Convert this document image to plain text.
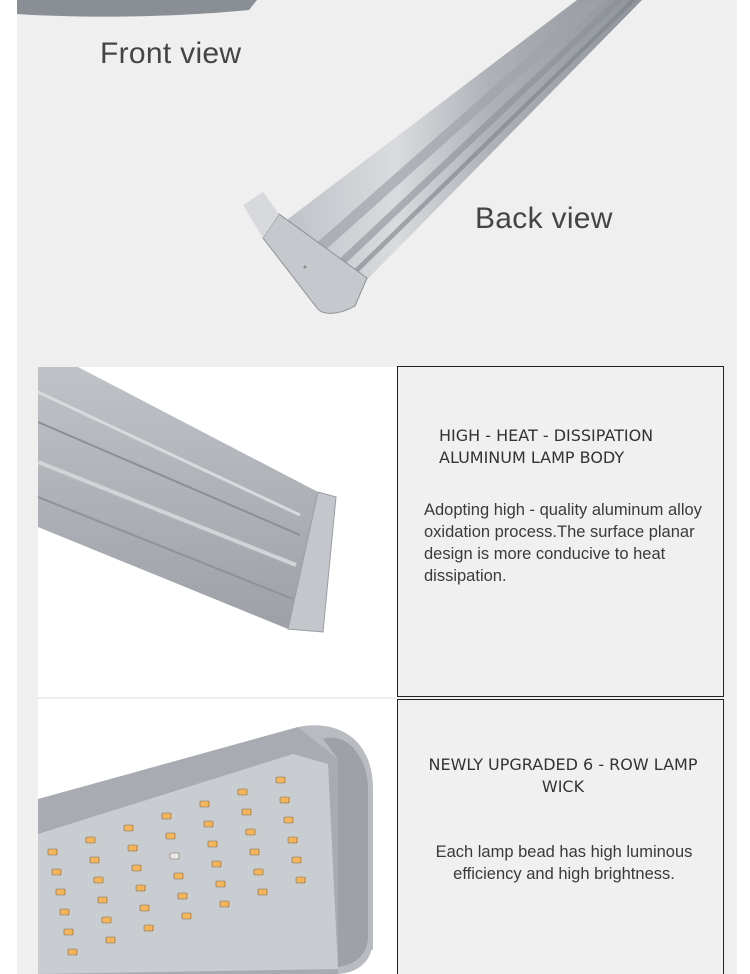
Front view
Back view
HIGH - HEAT - DISSIPATION ALUMINUM LAMP BODY
Adopting high - quality aluminum alloy oxidation process.The surface planar design is more conducive to heat dissipation.
NEWLY UPGRADED 6 - ROW LAMP WICK
Each lamp bead has high luminous efficiency and high brightness.
